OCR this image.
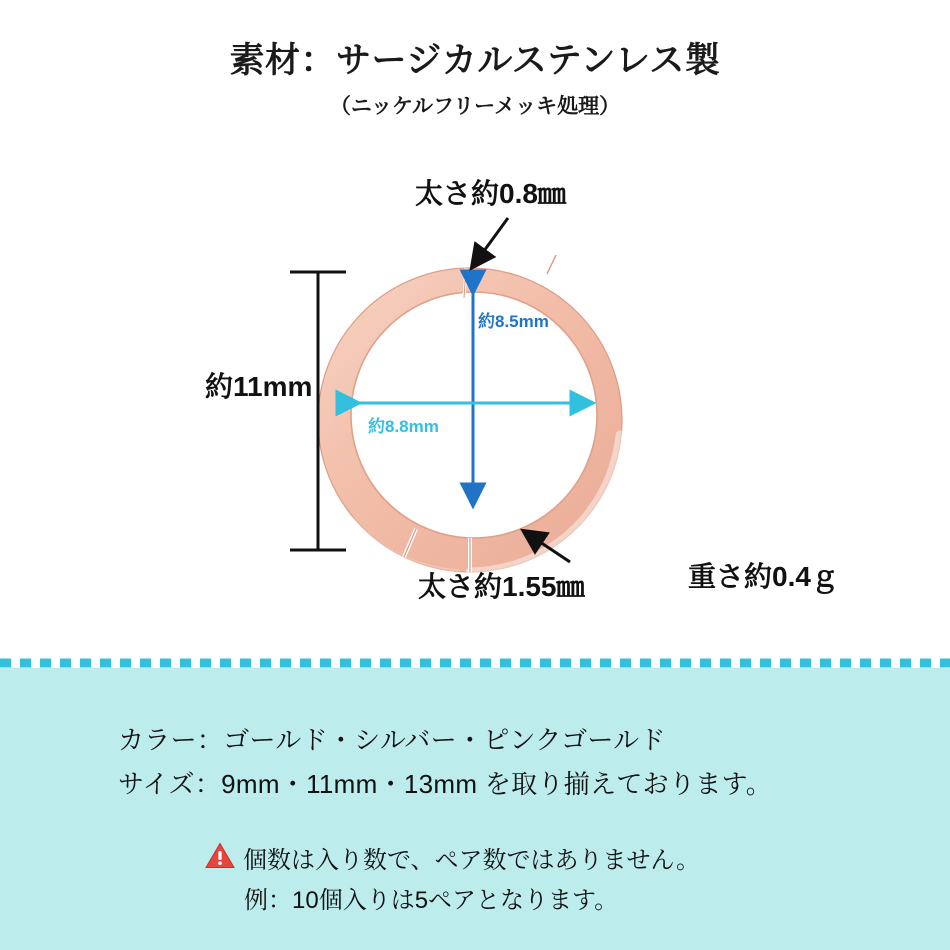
素材：サージカルステンレス製
（ニッケルフリーメッキ処理）
太さ約0.8㎜
太さ約1.55㎜
約11mm
重さ約0.4ｇ
約8.5mm
約8.8mm
カラー：ゴールド・シルバー・ピンクゴールド
サイズ：9mm・11mm・13mm を取り揃えております。
個数は入り数で、ペア数ではありません。
例：10個入りは5ペアとなります。
